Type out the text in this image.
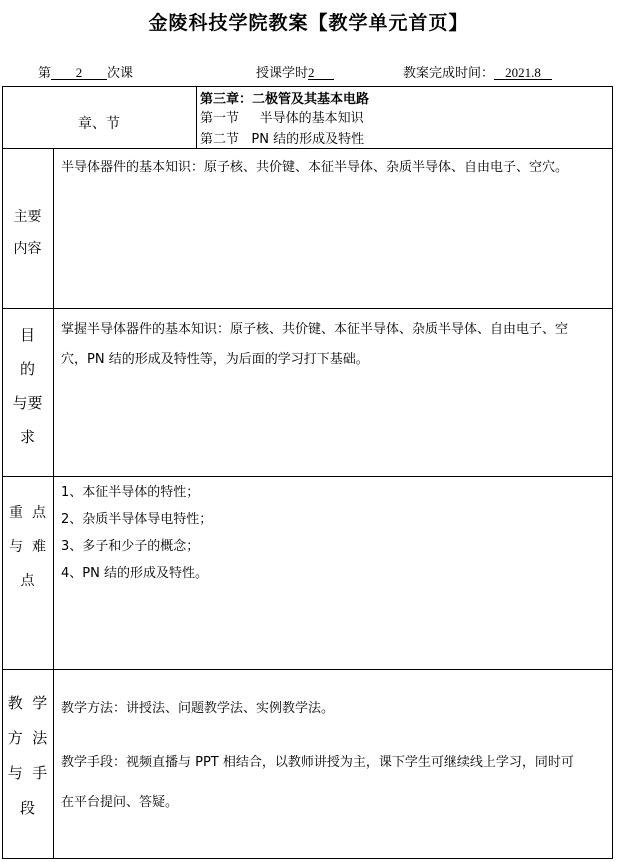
金陵科技学院教案【教学单元首页】
第 2 次课	授课学时2	教案完成时间： 2021.8
章、节
第三章：二极管及其基本电路
第一节     半导体的基本知识
第二节   PN 结的形成及特性
主要
内容
半导体器件的基本知识：原子核、共价键、本征半导体、杂质半导体、自由电子、空穴。
目
的
与要
求
掌握半导体器件的基本知识：原子核、共价键、本征半导体、杂质半导体、自由电子、空
穴，PN 结的形成及特性等，为后面的学习打下基础。
重  点
与  难
点
1、本征半导体的特性；
2、杂质半导体导电特性；
3、多子和少子的概念；
4、PN 结的形成及特性。
教  学
方  法
与  手
段
教学方法：讲授法、问题教学法、实例教学法。
教学手段：视频直播与 PPT 相结合，以教师讲授为主，课下学生可继续线上学习，同时可
在平台提问、答疑。
